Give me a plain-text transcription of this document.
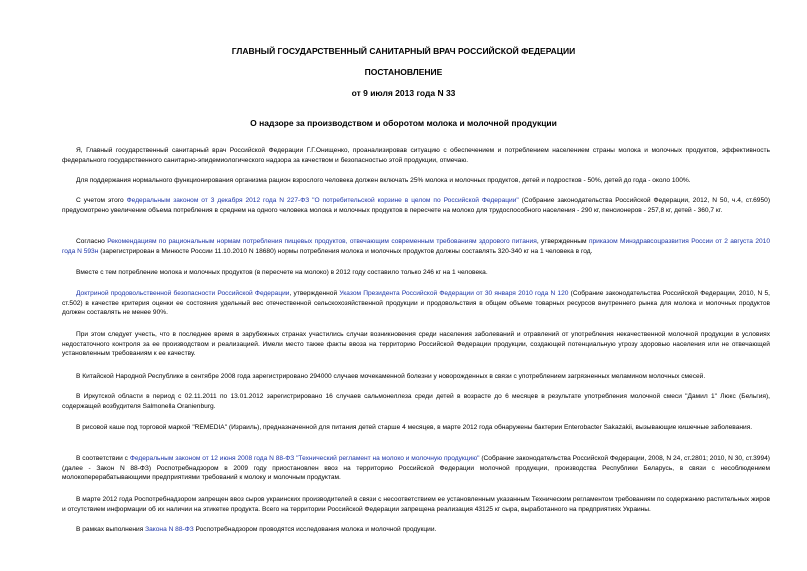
ГЛАВНЫЙ ГОСУДАРСТВЕННЫЙ САНИТАРНЫЙ ВРАЧ РОССИЙСКОЙ ФЕДЕРАЦИИ
ПОСТАНОВЛЕНИЕ
от 9 июля 2013 года N 33
О надзоре за производством и оборотом молока и молочной продукции
Я, Главный государственный санитарный врач Российской Федерации Г.Г.Онищенко, проанализировав ситуацию с обеспечением и потреблением населением страны молока и молочных продуктов, эффективность федерального государственного санитарно-эпидемиологического надзора за качеством и безопасностью этой продукции, отмечаю.
Для поддержания нормального функционирования организма рацион взрослого человека должен включать 25% молока и молочных продуктов, детей и подростков - 50%, детей до года - около 100%.
С учетом этого Федеральным законом от 3 декабря 2012 года N 227-ФЗ "О потребительской корзине в целом по Российской Федерации" (Собрание законодательства Российской Федерации, 2012, N 50, ч.4, ст.6950) предусмотрено увеличение объема потребления в среднем на одного человека молока и молочных продуктов в пересчете на молоко для трудоспособного населения - 290 кг, пенсионеров - 257,8 кг, детей - 360,7 кг.
Согласно Рекомендациям по рациональным нормам потребления пищевых продуктов, отвечающим современным требованиям здорового питания, утвержденным приказом Минздравсоцразвития России от 2 августа 2010 года N 593н (зарегистрирован в Минюсте России 11.10.2010 N 18680) нормы потребления молока и молочных продуктов должны составлять 320-340 кг на 1 человека в год.
Вместе с тем потребление молока и молочных продуктов (в пересчете на молоко) в 2012 году составило только 246 кг на 1 человека.
Доктриной продовольственной безопасности Российской Федерации, утвержденной Указом Президента Российской Федерации от 30 января 2010 года N 120 (Собрание законодательства Российской Федерации, 2010, N 5, ст.502) в качестве критерия оценки ее состояния удельный вес отечественной сельскохозяйственной продукции и продовольствия в общем объеме товарных ресурсов внутреннего рынка для молока и молочных продуктов должен составлять не менее 90%.
При этом следует учесть, что в последнее время в зарубежных странах участились случаи возникновения среди населения заболеваний и отравлений от употребления некачественной молочной продукции в условиях недостаточного контроля за ее производством и реализацией. Имели место также факты ввоза на территорию Российской Федерации продукции, создающей потенциальную угрозу здоровью населения или не отвечающей установленным требованиям к ее качеству.
В Китайской Народной Республике в сентябре 2008 года зарегистрировано 294000 случаев мочекаменной болезни у новорожденных в связи с употреблением загрязненных меламином молочных смесей.
В Иркутской области в период с 02.11.2011 по 13.01.2012 зарегистрировано 16 случаев сальмонеллеза среди детей в возрасте до 6 месяцев в результате употребления молочной смеси "Дамил 1" Люкс (Бельгия), содержащей возбудителя Salmonella Oranienburg.
В рисовой каше под торговой маркой "REMEDIA" (Израиль), предназначенной для питания детей старше 4 месяцев, в марте 2012 года обнаружены бактерии Enterobacter Sakazakii, вызывающие кишечные заболевания.
В соответствии с Федеральным законом от 12 июня 2008 года N 88-ФЗ "Технический регламент на молоко и молочную продукцию" (Собрание законодательства Российской Федерации, 2008, N 24, ст.2801; 2010, N 30, ст.3994) (далее - Закон N 88-ФЗ) Роспотребнадзором в 2009 году приостановлен ввоз на территорию Российской Федерации молочной продукции, производства Республики Беларусь, в связи с несоблюдением молокоперерабатывающими предприятиями требований к молоку и молочным продуктам.
В марте 2012 года Роспотребнадзором запрещен ввоз сыров украинских производителей в связи с несоответствием ее установленным указанным Техническим регламентом требованиям по содержанию растительных жиров и отсутствием информации об их наличии на этикетке продукта. Всего на территории Российской Федерации запрещена реализация 43125 кг сыра, выработанного на предприятиях Украины.
В рамках выполнения Закона N 88-ФЗ Роспотребнадзором проводятся исследования молока и молочной продукции.
